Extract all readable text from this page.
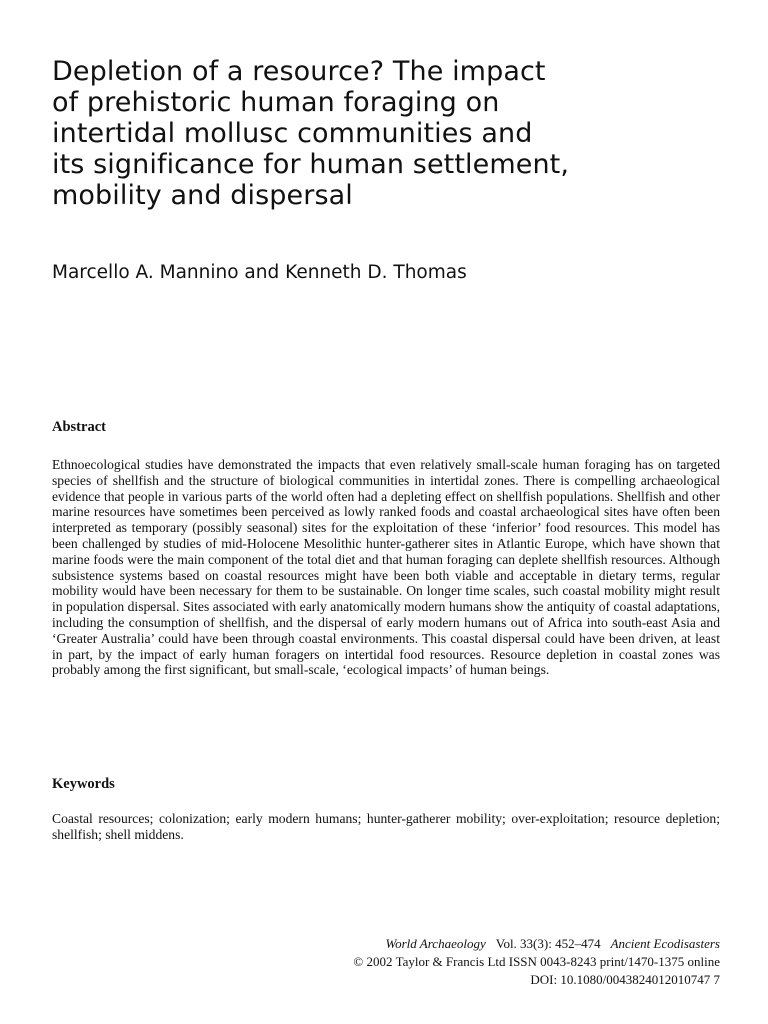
Depletion of a resource? The impact
of prehistoric human foraging on
intertidal mollusc communities and
its significance for human settlement,
mobility and dispersal

Marcello A. Mannino and Kenneth D. Thomas

Abstract

Ethnoecological studies have demonstrated the impacts that even relatively small-scale human foraging has on targeted species of shellfish and the structure of biological communities in intertidal zones. There is compelling archaeological evidence that people in various parts of the world often had a depleting effect on shellfish populations. Shellfish and other marine resources have sometimes been perceived as lowly ranked foods and coastal archaeological sites have often been interpreted as temporary (possibly seasonal) sites for the exploitation of these ‘inferior’ food resources. This model has been challenged by studies of mid-Holocene Mesolithic hunter-gatherer sites in Atlantic Europe, which have shown that marine foods were the main component of the total diet and that human foraging can deplete shellfish resources. Although subsistence systems based on coastal resources might have been both viable and acceptable in dietary terms, regular mobility would have been necessary for them to be sustainable. On longer time scales, such coastal mobility might result in population dispersal. Sites associated with early anatomically modern humans show the antiquity of coastal adaptations, including the consumption of shellfish, and the dispersal of early modern humans out of Africa into south-east Asia and ‘Greater Australia’ could have been through coastal environments. This coastal dispersal could have been driven, at least in part, by the impact of early human foragers on intertidal food resources. Resource depletion in coastal zones was probably among the first significant, but small-scale, ‘ecological impacts’ of human beings.

Keywords

Coastal resources; colonization; early modern humans; hunter-gatherer mobility; over-exploitation; resource depletion; shellfish; shell middens.

World Archaeology Vol. 33(3): 452–474 Ancient Ecodisasters
© 2002 Taylor & Francis Ltd ISSN 0043-8243 print/1470-1375 online
DOI: 10.1080/0043824012010747 7
